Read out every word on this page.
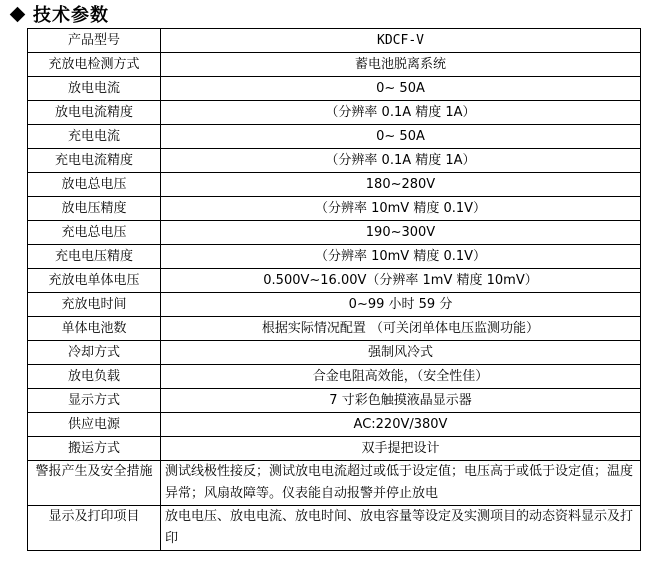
技术参数
产品型号	KDCF-V
充放电检测方式	蓄电池脱离系统
放电电流	0~ 50A
放电电流精度	（分辨率 0.1A 精度 1A）
充电电流	0~ 50A
充电电流精度	（分辨率 0.1A 精度 1A）
放电总电压	180~280V
放电压精度	（分辨率 10mV 精度 0.1V）
充电总电压	190~300V
充电电压精度	（分辨率 10mV 精度 0.1V）
充放电单体电压	0.500V~16.00V（分辨率 1mV 精度 10mV）
充放电时间	0~99 小时 59 分
单体电池数	根据实际情况配置 （可关闭单体电压监测功能）
冷却方式	强制风冷式
放电负载	合金电阻高效能，（安全性佳）
显示方式	7 寸彩色触摸液晶显示器
供应电源	AC:220V/380V
搬运方式	双手提把设计
警报产生及安全措施	测试线极性接反；测试放电电流超过或低于设定值；电压高于或低于设定值；温度异常；风扇故障等。仪表能自动报警并停止放电
显示及打印项目	放电电压、放电电流、放电时间、放电容量等设定及实测项目的动态资料显示及打印
